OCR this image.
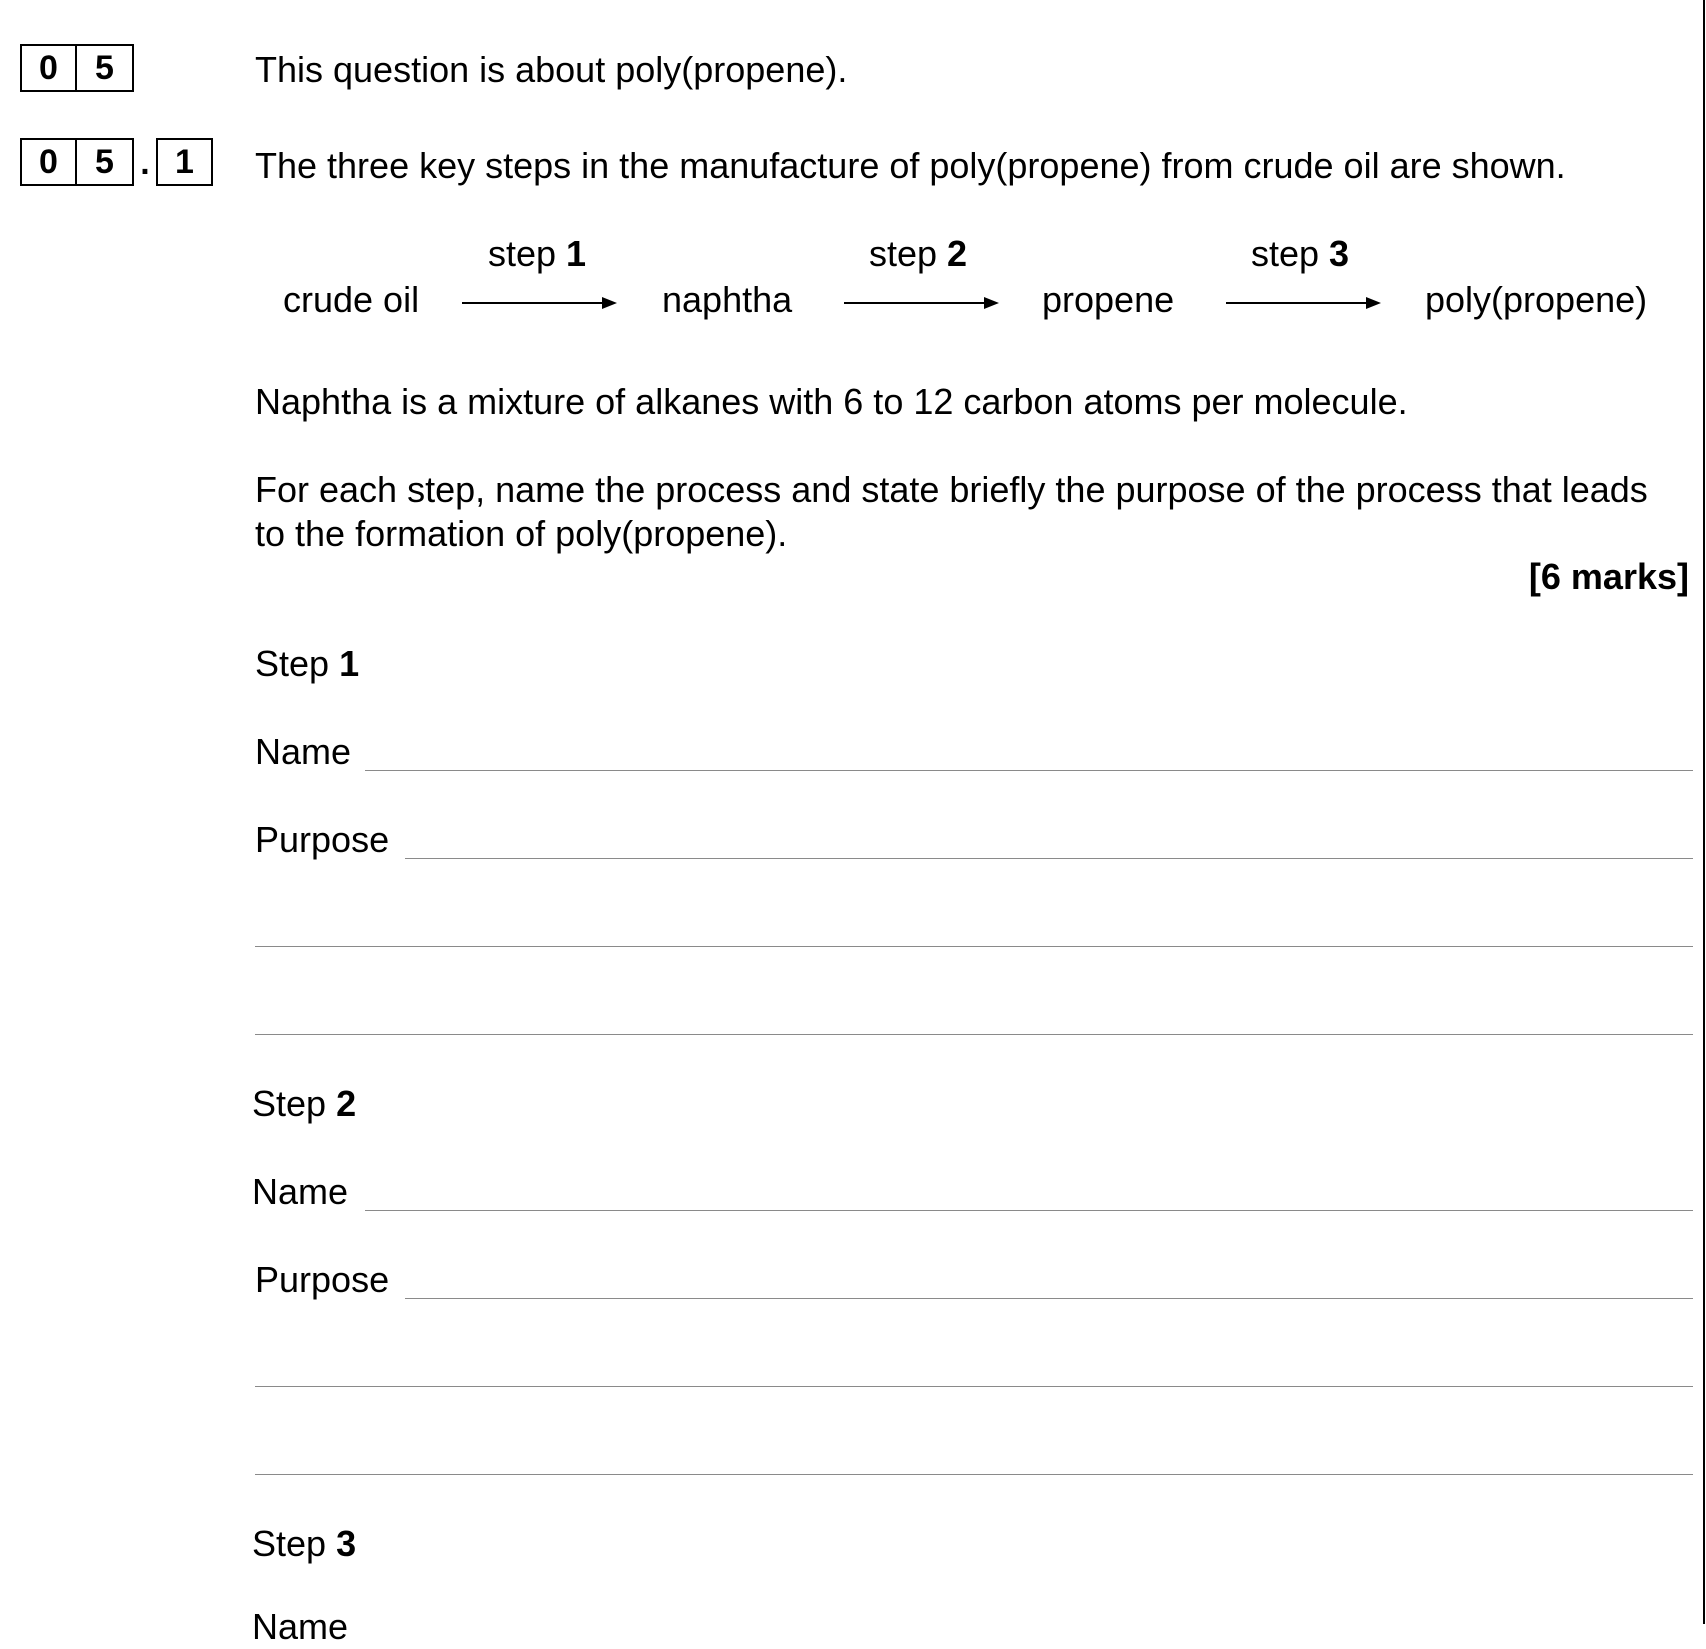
0	5	This question is about poly(propene).
0	5 . 1	The three key steps in the manufacture of poly(propene) from crude oil are shown.
step 1	step 2	step 3
crude oil	naphtha	propene	poly(propene)
Naphtha is a mixture of alkanes with 6 to 12 carbon atoms per molecule.
For each step, name the process and state briefly the purpose of the process that leads to the formation of poly(propene).
[6 marks]
Step 1
Name
Purpose
Step 2
Name
Purpose
Step 3
Name
